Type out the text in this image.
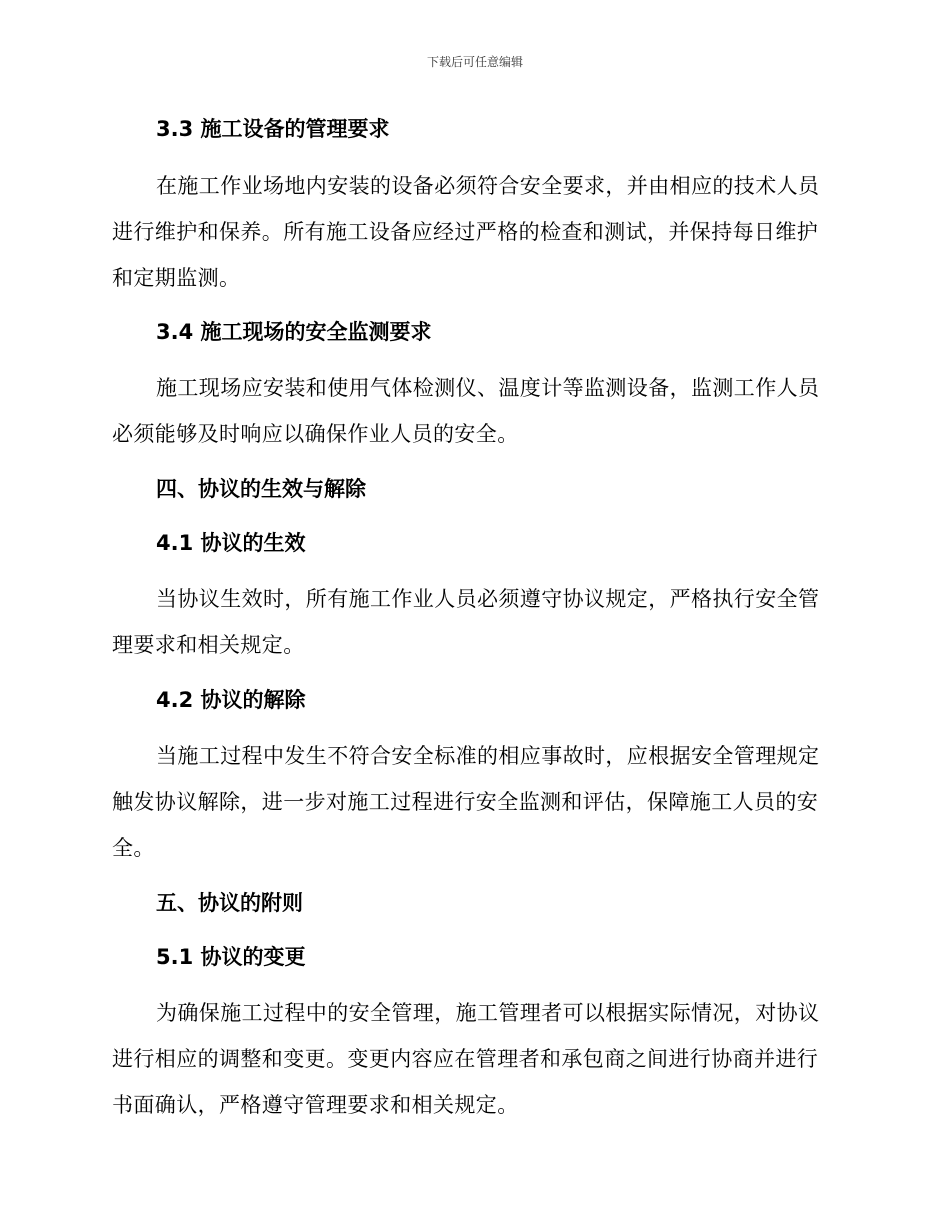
下载后可任意编辑
3.3 施工设备的管理要求

在施工作业场地内安装的设备必须符合安全要求，并由相应的技术人员
进行维护和保养。所有施工设备应经过严格的检查和测试，并保持每日维护
和定期监测。

3.4 施工现场的安全监测要求

施工现场应安装和使用气体检测仪、温度计等监测设备，监测工作人员
必须能够及时响应以确保作业人员的安全。

四、协议的生效与解除
4.1 协议的生效

当协议生效时，所有施工作业人员必须遵守协议规定，严格执行安全管
理要求和相关规定。

4.2 协议的解除

当施工过程中发生不符合安全标准的相应事故时，应根据安全管理规定
触发协议解除，进一步对施工过程进行安全监测和评估，保障施工人员的安
全。

五、协议的附则
5.1 协议的变更

为确保施工过程中的安全管理，施工管理者可以根据实际情况，对协议
进行相应的调整和变更。变更内容应在管理者和承包商之间进行协商并进行
书面确认，严格遵守管理要求和相关规定。
